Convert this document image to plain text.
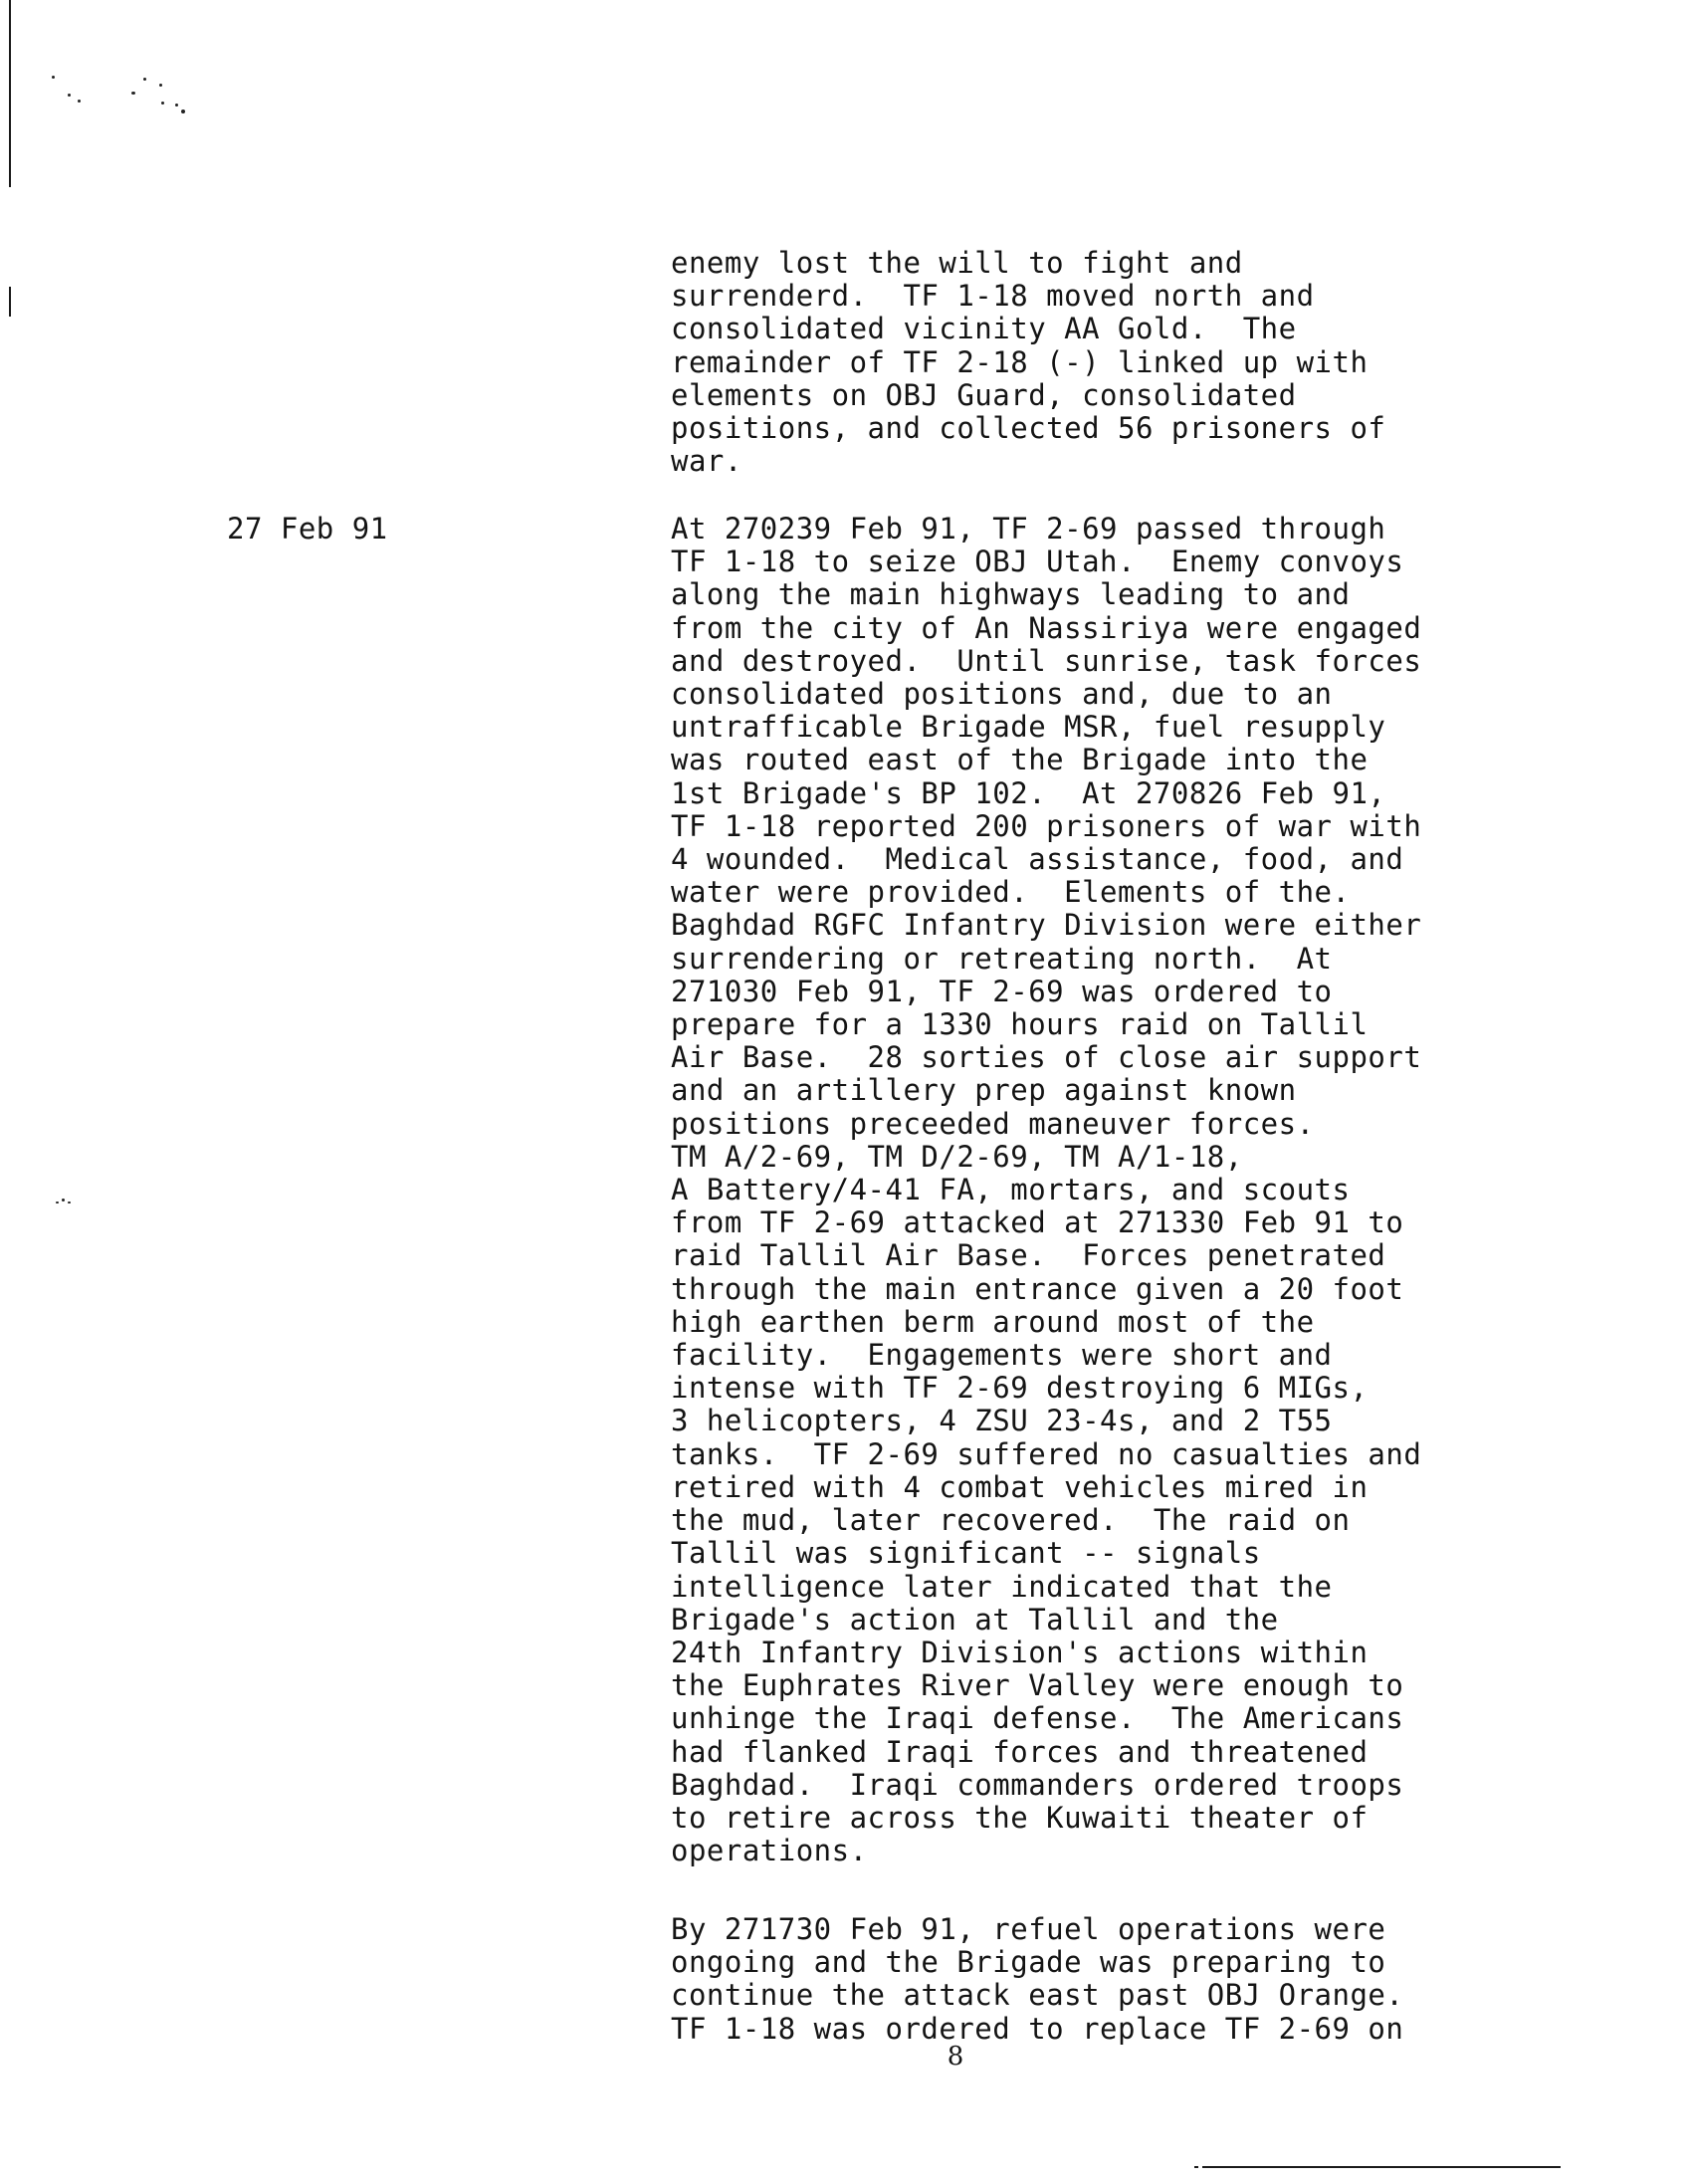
27 Feb 91
enemy lost the will to fight and
surrenderd.  TF 1-18 moved north and
consolidated vicinity AA Gold.  The
remainder of TF 2-18 (-) linked up with
elements on OBJ Guard, consolidated
positions, and collected 56 prisoners of
war.
At 270239 Feb 91, TF 2-69 passed through
TF 1-18 to seize OBJ Utah.  Enemy convoys
along the main highways leading to and
from the city of An Nassiriya were engaged
and destroyed.  Until sunrise, task forces
consolidated positions and, due to an
untrafficable Brigade MSR, fuel resupply
was routed east of the Brigade into the
1st Brigade's BP 102.  At 270826 Feb 91,
TF 1-18 reported 200 prisoners of war with
4 wounded.  Medical assistance, food, and
water were provided.  Elements of the.
Baghdad RGFC Infantry Division were either
surrendering or retreating north.  At
271030 Feb 91, TF 2-69 was ordered to
prepare for a 1330 hours raid on Tallil
Air Base.  28 sorties of close air support
and an artillery prep against known
positions preceeded maneuver forces.
TM A/2-69, TM D/2-69, TM A/1-18,
A Battery/4-41 FA, mortars, and scouts
from TF 2-69 attacked at 271330 Feb 91 to
raid Tallil Air Base.  Forces penetrated
through the main entrance given a 20 foot
high earthen berm around most of the
facility.  Engagements were short and
intense with TF 2-69 destroying 6 MIGs,
3 helicopters, 4 ZSU 23-4s, and 2 T55
tanks.  TF 2-69 suffered no casualties and
retired with 4 combat vehicles mired in
the mud, later recovered.  The raid on
Tallil was significant -- signals
intelligence later indicated that the
Brigade's action at Tallil and the
24th Infantry Division's actions within
the Euphrates River Valley were enough to
unhinge the Iraqi defense.  The Americans
had flanked Iraqi forces and threatened
Baghdad.  Iraqi commanders ordered troops
to retire across the Kuwaiti theater of
operations.
By 271730 Feb 91, refuel operations were
ongoing and the Brigade was preparing to
continue the attack east past OBJ Orange.
TF 1-18 was ordered to replace TF 2-69 on
8
